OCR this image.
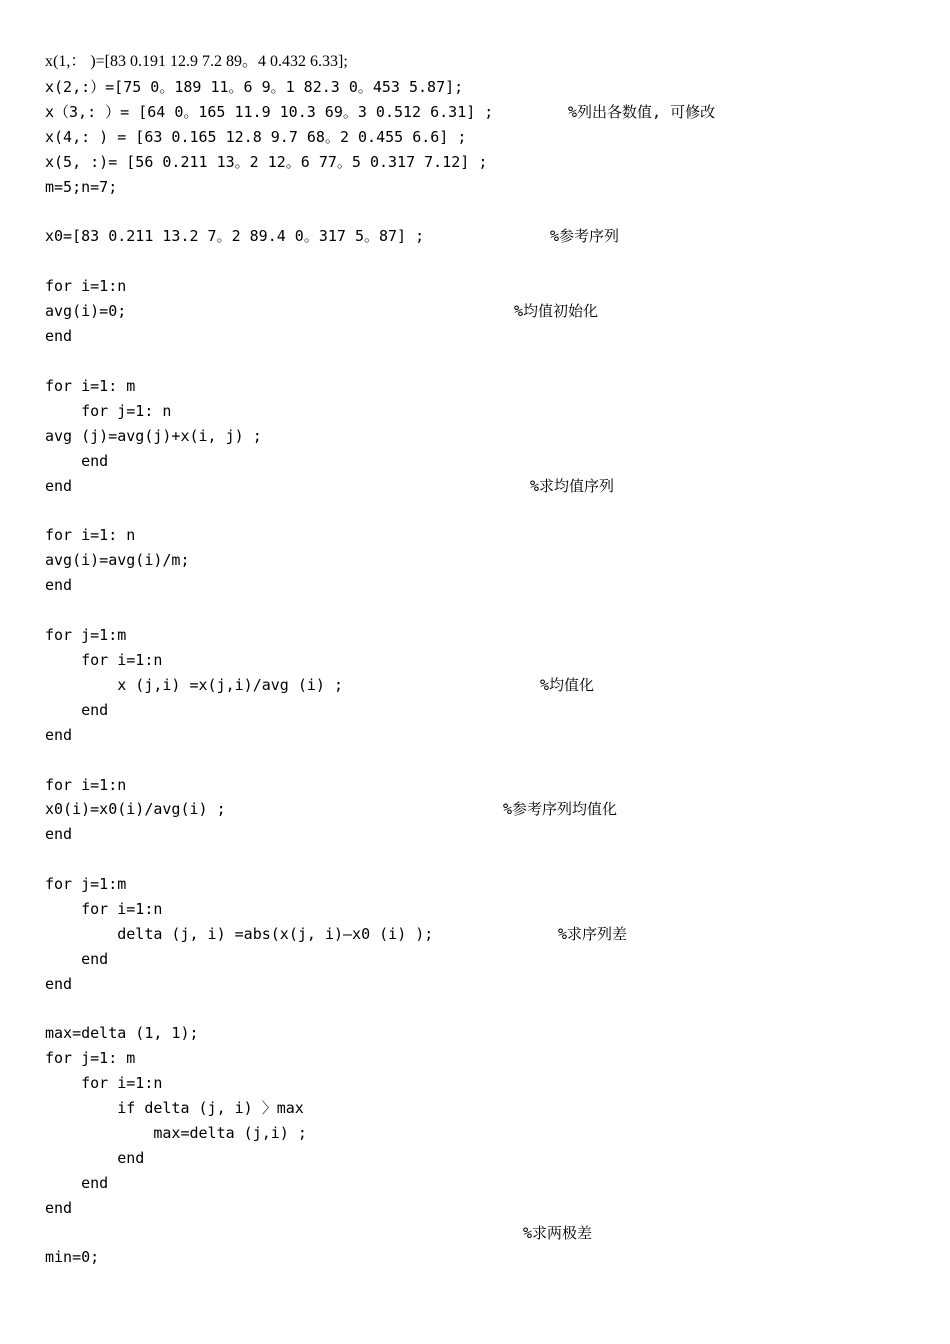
x(1,： )=[83 0.191 12.9 7.2 89。4 0.432 6.33];
x(2,:）=[75 0。189 11。6 9。1 82.3 0。453 5.87];
x（3,: ）= [64 0。165 11.9 10.3 69。3 0.512 6.31] ;
x(4,: ) = [63 0.165 12.8 9.7 68。2 0.455 6.6] ;
x(5, :)= [56 0.211 13。2 12。6 77。5 0.317 7.12] ;
m=5;n=7;
x0=[83 0.211 13.2 7。2 89.4 0。317 5。87] ;
for i=1:n
avg(i)=0;
end
for i=1: m
for j=1: n
avg (j)=avg(j)+x(i, j) ;
end
end
for i=1: n
avg(i)=avg(i)/m;
end
for j=1:m
for i=1:n
x (j,i) =x(j,i)/avg (i) ;
end
end
for i=1:n
x0(i)=x0(i)/avg(i) ;
end
for j=1:m
for i=1:n
delta (j, i) =abs(x(j, i)—x0 (i) );
end
end
max=delta (1, 1);
for j=1: m
for i=1:n
if delta (j, i) 〉max
max=delta (j,i) ;
end
end
end
min=0;
%列出各数值, 可修改
%参考序列
%均值初始化
%求均值序列
%均值化
%参考序列均值化
%求序列差
%求两极差
